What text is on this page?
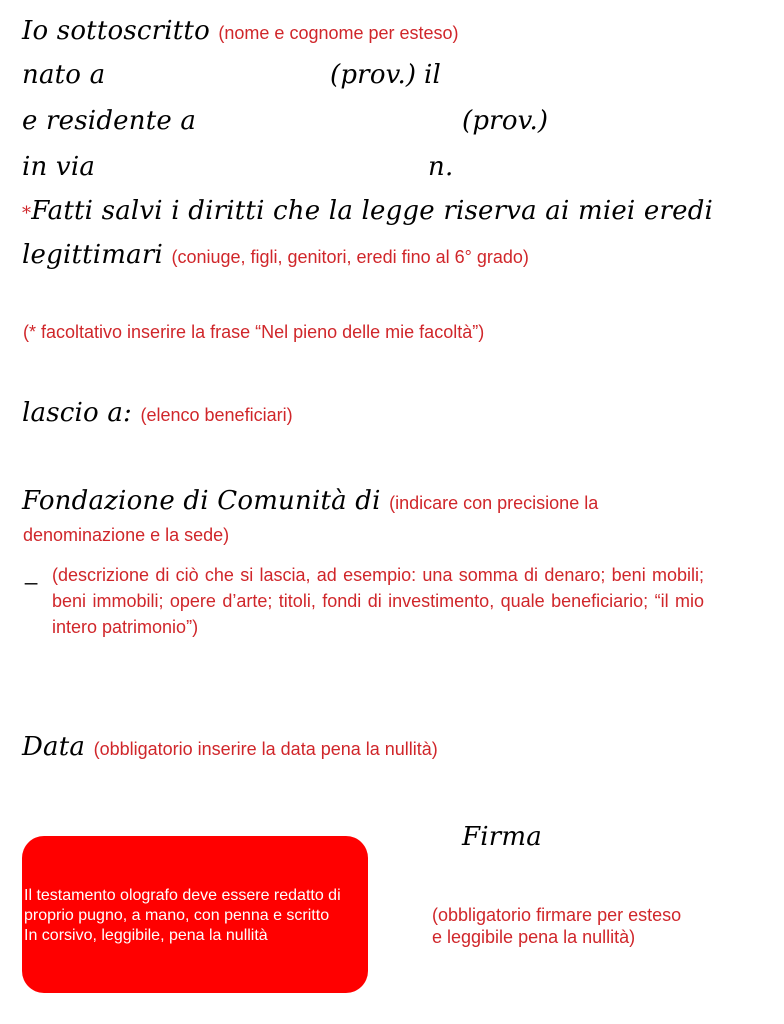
Io sottoscritto (nome e cognome per esteso)
nato a	(prov.) il
e residente a	(prov.)
in via	n.
*Fatti salvi i diritti che la legge riserva ai miei eredi
legittimari (coniuge, figli, genitori, eredi fino al 6° grado)
(* facoltativo inserire la frase “Nel pieno delle mie facoltà”)
lascio a: (elenco beneficiari)
Fondazione di Comunità di (indicare con precisione la
denominazione e la sede)
_ (descrizione di ciò che si lascia, ad esempio: una somma di denaro; beni mobili; beni immobili; opere d’arte; titoli, fondi di investimento, quale beneficiario; “il mio intero patrimonio”)
Data (obbligatorio inserire la data pena la nullità)
Firma
(obbligatorio firmare per esteso e leggibile pena la nullità)
Il testamento olografo deve essere redatto di
proprio pugno, a mano, con penna e scritto
In corsivo, leggibile, pena la nullità
